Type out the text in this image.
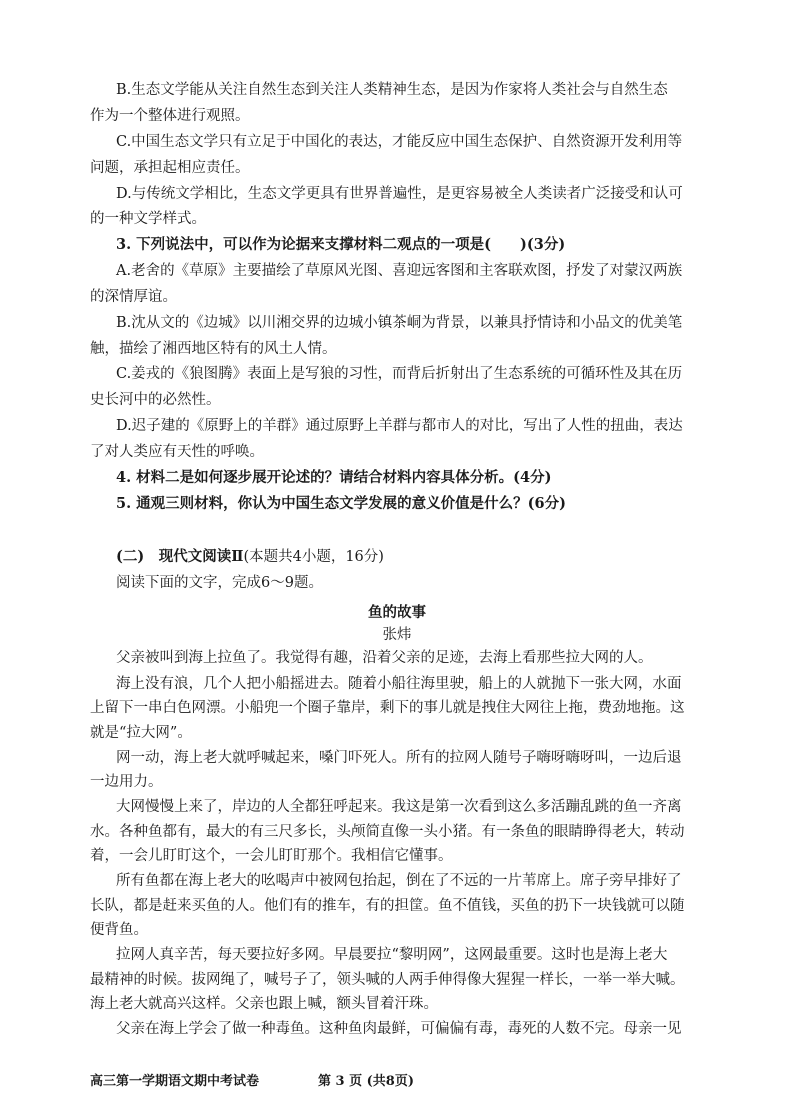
B.生态文学能从关注自然生态到关注人类精神生态，是因为作家将人类社会与自然生态
作为一个整体进行观照。
C.中国生态文学只有立足于中国化的表达，才能反应中国生态保护、自然资源开发利用等
问题，承担起相应责任。
D.与传统文学相比，生态文学更具有世界普遍性，是更容易被全人类读者广泛接受和认可
的一种文学样式。
3. 下列说法中，可以作为论据来支撑材料二观点的一项是(　　)(3分)
A.老舍的《草原》主要描绘了草原风光图、喜迎远客图和主客联欢图，抒发了对蒙汉两族
的深情厚谊。
B.沈从文的《边城》以川湘交界的边城小镇茶峒为背景，以兼具抒情诗和小品文的优美笔
触，描绘了湘西地区特有的风土人情。
C.姜戎的《狼图腾》表面上是写狼的习性，而背后折射出了生态系统的可循环性及其在历
史长河中的必然性。
D.迟子建的《原野上的羊群》通过原野上羊群与都市人的对比，写出了人性的扭曲，表达
了对人类应有天性的呼唤。
4. 材料二是如何逐步展开论述的？请结合材料内容具体分析。(4分)
5. 通观三则材料，你认为中国生态文学发展的意义价值是什么？(6分)
(二)　现代文阅读Ⅱ(本题共4小题，16分)
阅读下面的文字，完成6～9题。
鱼的故事
张炜
父亲被叫到海上拉鱼了。我觉得有趣，沿着父亲的足迹，去海上看那些拉大网的人。
海上没有浪，几个人把小船摇进去。随着小船往海里驶，船上的人就抛下一张大网，水面
上留下一串白色网漂。小船兜一个圈子靠岸，剩下的事儿就是拽住大网往上拖，费劲地拖。这
就是“拉大网”。
网一动，海上老大就呼喊起来，嗓门吓死人。所有的拉网人随号子嗨呀嗨呀叫，一边后退
一边用力。
大网慢慢上来了，岸边的人全都狂呼起来。我这是第一次看到这么多活蹦乱跳的鱼一齐离
水。各种鱼都有，最大的有三尺多长，头颅简直像一头小猪。有一条鱼的眼睛睁得老大，转动
着，一会儿盯盯这个，一会儿盯盯那个。我相信它懂事。
所有鱼都在海上老大的吆喝声中被网包抬起，倒在了不远的一片苇席上。席子旁早排好了
长队，都是赶来买鱼的人。他们有的推车，有的担筐。鱼不值钱，买鱼的扔下一块钱就可以随
便背鱼。
拉网人真辛苦，每天要拉好多网。早晨要拉“黎明网”，这网最重要。这时也是海上老大
最精神的时候。拔网绳了，喊号子了，领头喊的人两手伸得像大猩猩一样长，一举一举大喊。
海上老大就高兴这样。父亲也跟上喊，额头冒着汗珠。
父亲在海上学会了做一种毒鱼。这种鱼肉最鲜，可偏偏有毒，毒死的人数不完。母亲一见
高三第一学期语文期中考试卷	第 3 页 (共8页)
